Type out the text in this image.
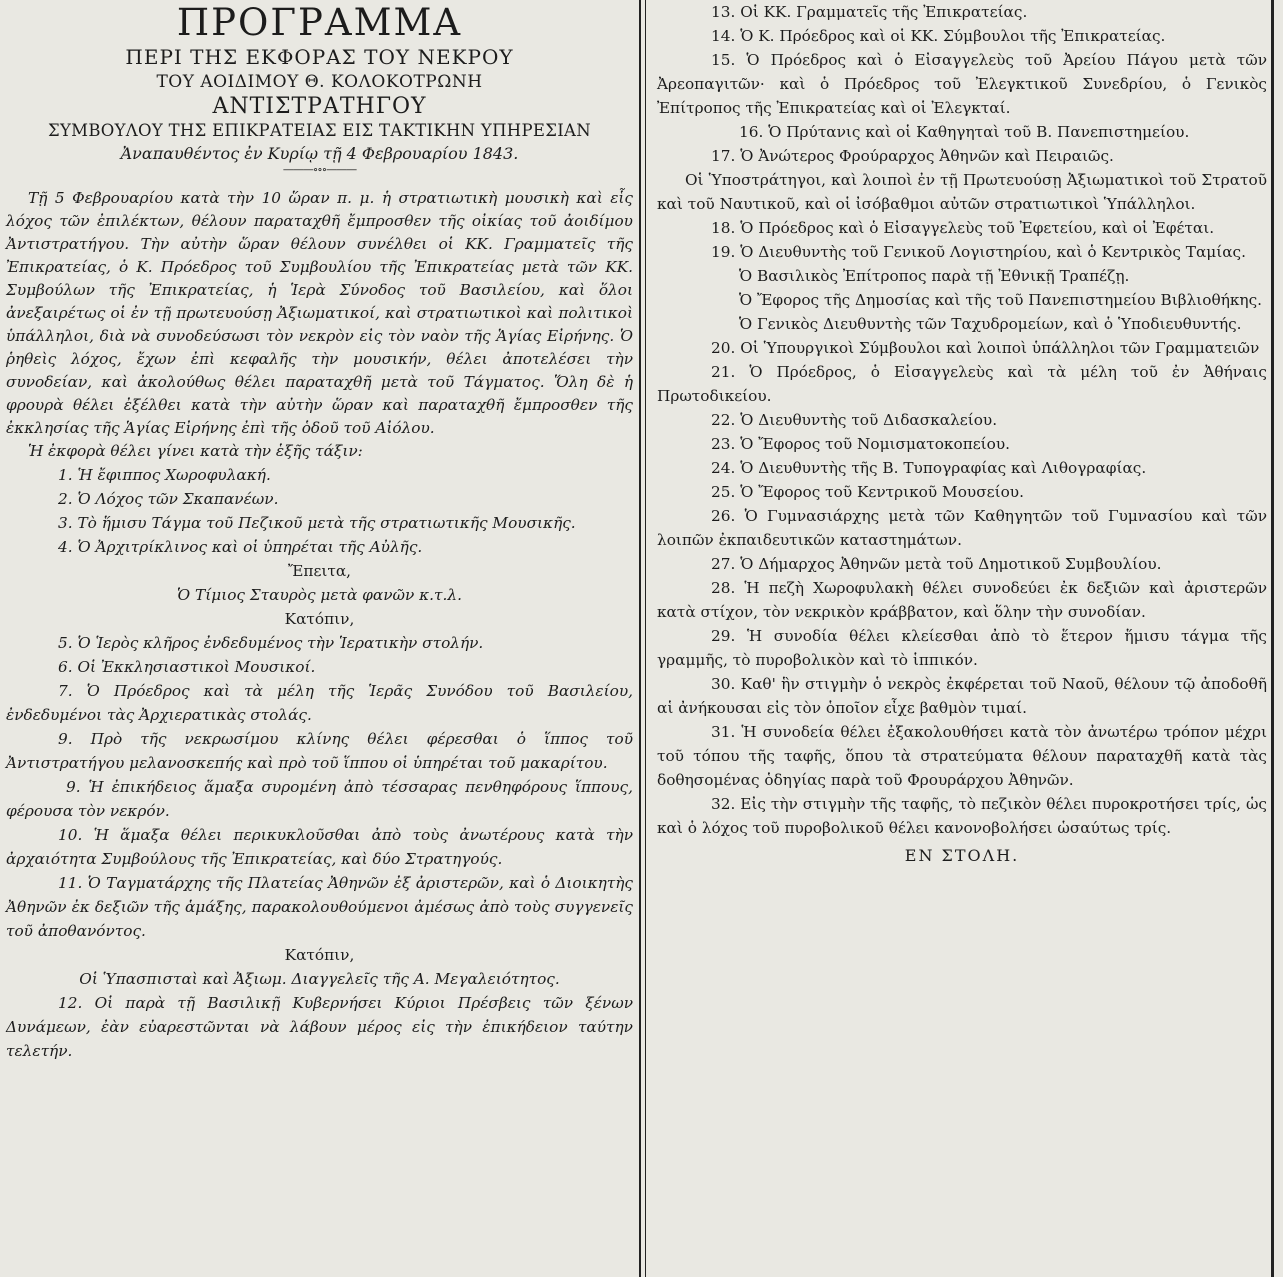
ΠΡΟΓΡΑΜΜΑ

ΠΕΡΙ ΤΗΣ ΕΚΦΟΡΑΣ ΤΟΥ ΝΕΚΡΟΥ

ΤΟΥ ΑΟΙΔΙΜΟΥ Θ. ΚΟΛΟΚΟΤΡΩΝΗ

ΑΝΤΙΣΤΡΑΤΗΓΟΥ

ΣΥΜΒΟΥΛΟΥ ΤΗΣ ΕΠΙΚΡΑΤΕΙΑΣ ΕΙΣ ΤΑΚΤΙΚΗΝ ΥΠΗΡΕΣΙΑΝ

Ἀναπαυθέντος ἐν Κυρίῳ τῇ 4 Φεβρουαρίου 1843.

———∘∘∘———

Τῇ 5 Φεβρουαρίου κατὰ τὴν 10 ὥραν π. μ. ἡ στρατιωτικὴ μουσικὴ καὶ εἷς λόχος τῶν ἐπιλέκτων, θέλουν παραταχθῆ ἔμπροσθεν τῆς οἰκίας τοῦ ἀοιδίμου Ἀντιστρατήγου. Τὴν αὐτὴν ὥραν θέλουν συνέλθει οἱ ΚΚ. Γραμματεῖς τῆς Ἐπικρατείας, ὁ Κ. Πρόεδρος τοῦ Συμβουλίου τῆς Ἐπικρατείας μετὰ τῶν ΚΚ. Συμβούλων τῆς Ἐπικρατείας, ἡ Ἱερὰ Σύνοδος τοῦ Βασιλείου, καὶ ὅλοι ἀνεξαιρέτως οἱ ἐν τῇ πρωτευούσῃ Ἀξιωματικοί, καὶ στρατιωτικοὶ καὶ πολιτικοὶ ὑπάλληλοι, διὰ νὰ συνοδεύσωσι τὸν νεκρὸν εἰς τὸν ναὸν τῆς Ἁγίας Εἰρήνης. Ὁ ῥηθεὶς λόχος, ἔχων ἐπὶ κεφαλῆς τὴν μουσικήν, θέλει ἀποτελέσει τὴν συνοδείαν, καὶ ἀκολούθως θέλει παραταχθῆ μετὰ τοῦ Τάγματος. Ὅλη δὲ ἡ φρουρὰ θέλει ἐξέλθει κατὰ τὴν αὐτὴν ὥραν καὶ παραταχθῆ ἔμπροσθεν τῆς ἐκκλησίας τῆς Ἁγίας Εἰρήνης ἐπὶ τῆς ὁδοῦ τοῦ Αἰόλου.

Ἡ ἐκφορὰ θέλει γίνει κατὰ τὴν ἑξῆς τάξιν:

1. Ἡ ἔφιππος Χωροφυλακή.

2. Ὁ Λόχος τῶν Σκαπανέων.

3. Τὸ ἥμισυ Τάγμα τοῦ Πεζικοῦ μετὰ τῆς στρατιωτικῆς Μουσικῆς.

4. Ὁ Ἀρχιτρίκλινος καὶ οἱ ὑπηρέται τῆς Αὐλῆς.

Ἔπειτα,

Ὁ Τίμιος Σταυρὸς μετὰ φανῶν κ.τ.λ.

Κατόπιν,

5. Ὁ Ἱερὸς κλῆρος ἐνδεδυμένος τὴν Ἱερατικὴν στολήν.

6. Οἱ Ἐκκλησιαστικοὶ Μουσικοί.

7. Ὁ Πρόεδρος καὶ τὰ μέλη τῆς Ἱερᾶς Συνόδου τοῦ Βασιλείου, ἐνδεδυμένοι τὰς Ἀρχιερατικὰς στολάς.

9. Πρὸ τῆς νεκρωσίμου κλίνης θέλει φέρεσθαι ὁ ἵππος τοῦ Ἀντιστρατήγου μελανοσκεπής καὶ πρὸ τοῦ ἵππου οἱ ὑπηρέται τοῦ μακαρίτου.

9. Ἡ ἐπικήδειος ἅμαξα συρομένη ἀπὸ τέσσαρας πενθηφόρους ἵππους, φέρουσα τὸν νεκρόν.

10. Ἡ ἅμαξα θέλει περικυκλοῦσθαι ἀπὸ τοὺς ἀνωτέρους κατὰ τὴν ἀρχαιότητα Συμβούλους τῆς Ἐπικρατείας, καὶ δύο Στρατηγούς.

11. Ὁ Ταγματάρχης τῆς Πλατείας Ἀθηνῶν ἐξ ἀριστερῶν, καὶ ὁ Διοικητὴς Ἀθηνῶν ἐκ δεξιῶν τῆς ἁμάξης, παρακολουθούμενοι ἀμέσως ἀπὸ τοὺς συγγενεῖς τοῦ ἀποθανόντος.

Κατόπιν,

Οἱ Ὑπασπισταὶ καὶ Ἀξιωμ. Διαγγελεῖς τῆς Α. Μεγαλειότητος.

12. Οἱ παρὰ τῇ Βασιλικῇ Κυβερνήσει Κύριοι Πρέσβεις τῶν ξένων Δυνάμεων, ἐὰν εὐαρεστῶνται νὰ λάβουν μέρος εἰς τὴν ἐπικήδειον ταύτην τελετήν.

13. Οἱ ΚΚ. Γραμματεῖς τῆς Ἐπικρατείας.

14. Ὁ Κ. Πρόεδρος καὶ οἱ ΚΚ. Σύμβουλοι τῆς Ἐπικρατείας.

15. Ὁ Πρόεδρος καὶ ὁ Εἰσαγγελεὺς τοῦ Ἀρείου Πάγου μετὰ τῶν Ἀρεοπαγιτῶν· καὶ ὁ Πρόεδρος τοῦ Ἐλεγκτικοῦ Συνεδρίου, ὁ Γενικὸς Ἐπίτροπος τῆς Ἐπικρατείας καὶ οἱ Ἐλεγκταί.

16. Ὁ Πρύτανις καὶ οἱ Καθηγηταὶ τοῦ Β. Πανεπιστημείου.

17. Ὁ Ἀνώτερος Φρούραρχος Ἀθηνῶν καὶ Πειραιῶς.

Οἱ Ὑποστράτηγοι, καὶ λοιποὶ ἐν τῇ Πρωτευούσῃ Ἀξιωματικοὶ τοῦ Στρατοῦ καὶ τοῦ Ναυτικοῦ, καὶ οἱ ἰσόβαθμοι αὐτῶν στρατιωτικοὶ Ὑπάλληλοι.

18. Ὁ Πρόεδρος καὶ ὁ Εἰσαγγελεὺς τοῦ Ἐφετείου, καὶ οἱ Ἐφέται.

19. Ὁ Διευθυντὴς τοῦ Γενικοῦ Λογιστηρίου, καὶ ὁ Κεντρικὸς Ταμίας.

Ὁ Βασιλικὸς Ἐπίτροπος παρὰ τῇ Ἐθνικῇ Τραπέζῃ.

Ὁ Ἔφορος τῆς Δημοσίας καὶ τῆς τοῦ Πανεπιστημείου Βιβλιοθήκης.

Ὁ Γενικὸς Διευθυντὴς τῶν Ταχυδρομείων, καὶ ὁ Ὑποδιευθυντής.

20. Οἱ Ὑπουργικοὶ Σύμβουλοι καὶ λοιποὶ ὑπάλληλοι τῶν Γραμματειῶν

21. Ὁ Πρόεδρος, ὁ Εἰσαγγελεὺς καὶ τὰ μέλη τοῦ ἐν Ἀθήναις Πρωτοδικείου.

22. Ὁ Διευθυντὴς τοῦ Διδασκαλείου.

23. Ὁ Ἔφορος τοῦ Νομισματοκοπείου.

24. Ὁ Διευθυντὴς τῆς Β. Τυπογραφίας καὶ Λιθογραφίας.

25. Ὁ Ἔφορος τοῦ Κεντρικοῦ Μουσείου.

26. Ὁ Γυμνασιάρχης μετὰ τῶν Καθηγητῶν τοῦ Γυμνασίου καὶ τῶν λοιπῶν ἐκπαιδευτικῶν καταστημάτων.

27. Ὁ Δήμαρχος Ἀθηνῶν μετὰ τοῦ Δημοτικοῦ Συμβουλίου.

28. Ἡ πεζὴ Χωροφυλακὴ θέλει συνοδεύει ἐκ δεξιῶν καὶ ἀριστερῶν κατὰ στίχον, τὸν νεκρικὸν κράββατον, καὶ ὅλην τὴν συνοδίαν.

29. Ἡ συνοδία θέλει κλείεσθαι ἀπὸ τὸ ἕτερον ἥμισυ τάγμα τῆς γραμμῆς, τὸ πυροβολικὸν καὶ τὸ ἱππικόν.

30. Καθ' ἣν στιγμὴν ὁ νεκρὸς ἐκφέρεται τοῦ Ναοῦ, θέλουν τῷ ἀποδοθῆ αἱ ἀνήκουσαι εἰς τὸν ὁποῖον εἶχε βαθμὸν τιμαί.

31. Ἡ συνοδεία θέλει ἐξακολουθήσει κατὰ τὸν ἀνωτέρω τρόπον μέχρι τοῦ τόπου τῆς ταφῆς, ὅπου τὰ στρατεύματα θέλουν παραταχθῆ κατὰ τὰς δοθησομένας ὁδηγίας παρὰ τοῦ Φρουράρχου Ἀθηνῶν.

32. Εἰς τὴν στιγμὴν τῆς ταφῆς, τὸ πεζικὸν θέλει πυροκροτήσει τρίς, ὡς καὶ ὁ λόχος τοῦ πυροβολικοῦ θέλει κανονοβολήσει ὡσαύτως τρίς.

ΕΝ ΣΤΟΛΗ.
